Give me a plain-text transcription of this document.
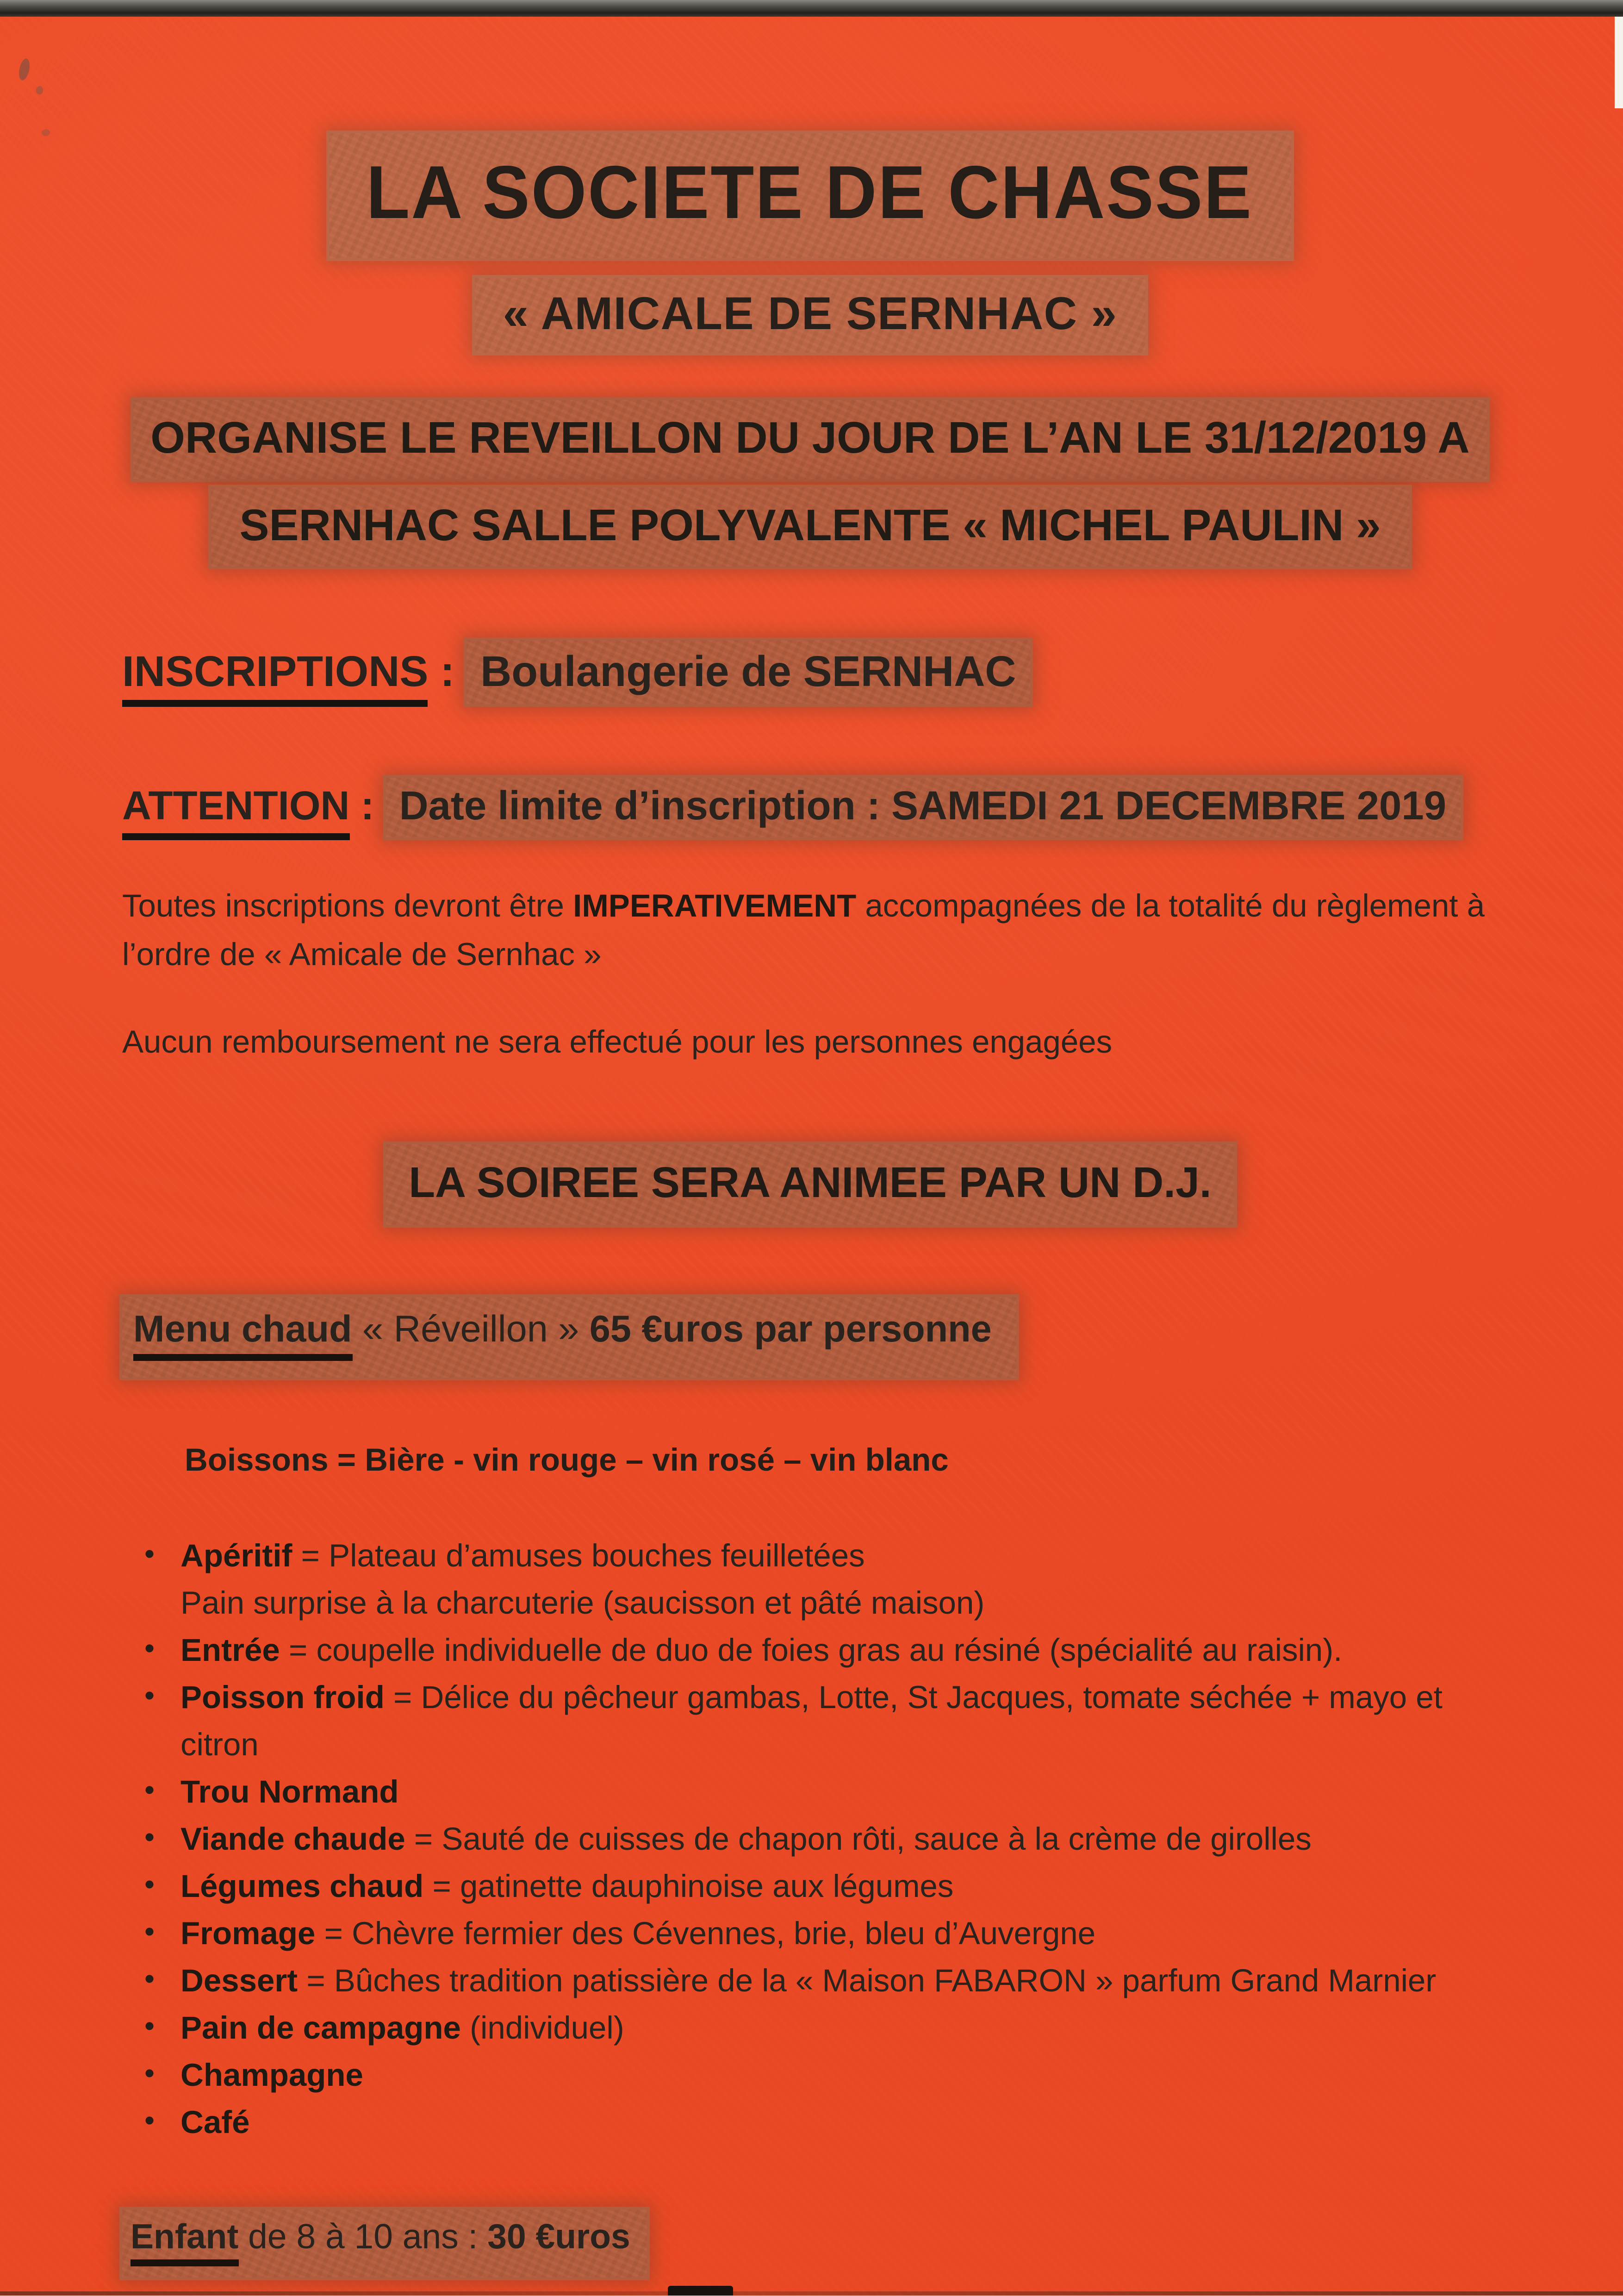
LA SOCIETE DE CHASSE
« AMICALE DE SERNHAC »
ORGANISE LE REVEILLON DU JOUR DE L’AN LE 31/12/2019 A
SERNHAC SALLE POLYVALENTE « MICHEL PAULIN »

INSCRIPTIONS : Boulangerie de SERNHAC

ATTENTION : Date limite d’inscription : SAMEDI 21 DECEMBRE 2019

Toutes inscriptions devront être IMPERATIVEMENT accompagnées de la totalité du règlement à l’ordre de « Amicale de Sernhac »

Aucun remboursement ne sera effectué pour les personnes engagées

LA SOIREE SERA ANIMEE PAR UN D.J.
Menu chaud « Réveillon » 65 €uros par personne

Boissons = Bière - vin rouge – vin rosé – vin blanc

•	Apéritif = Plateau d’amuses bouches feuilletées
Pain surprise à la charcuterie (saucisson et pâté maison)
•	Entrée = coupelle individuelle de duo de foies gras au résiné (spécialité au raisin).
•	Poisson froid = Délice du pêcheur gambas, Lotte, St Jacques, tomate séchée + mayo et citron
•	Trou Normand
•	Viande chaude = Sauté de cuisses de chapon rôti, sauce à la crème de girolles
•	Légumes chaud = gatinette dauphinoise aux légumes
•	Fromage = Chèvre fermier des Cévennes, brie, bleu d’Auvergne
•	Dessert = Bûches tradition patissière de la « Maison FABARON » parfum Grand Marnier
•	Pain de campagne (individuel)
•	Champagne
•	Café
Enfant de 8 à 10 ans : 30 €uros
